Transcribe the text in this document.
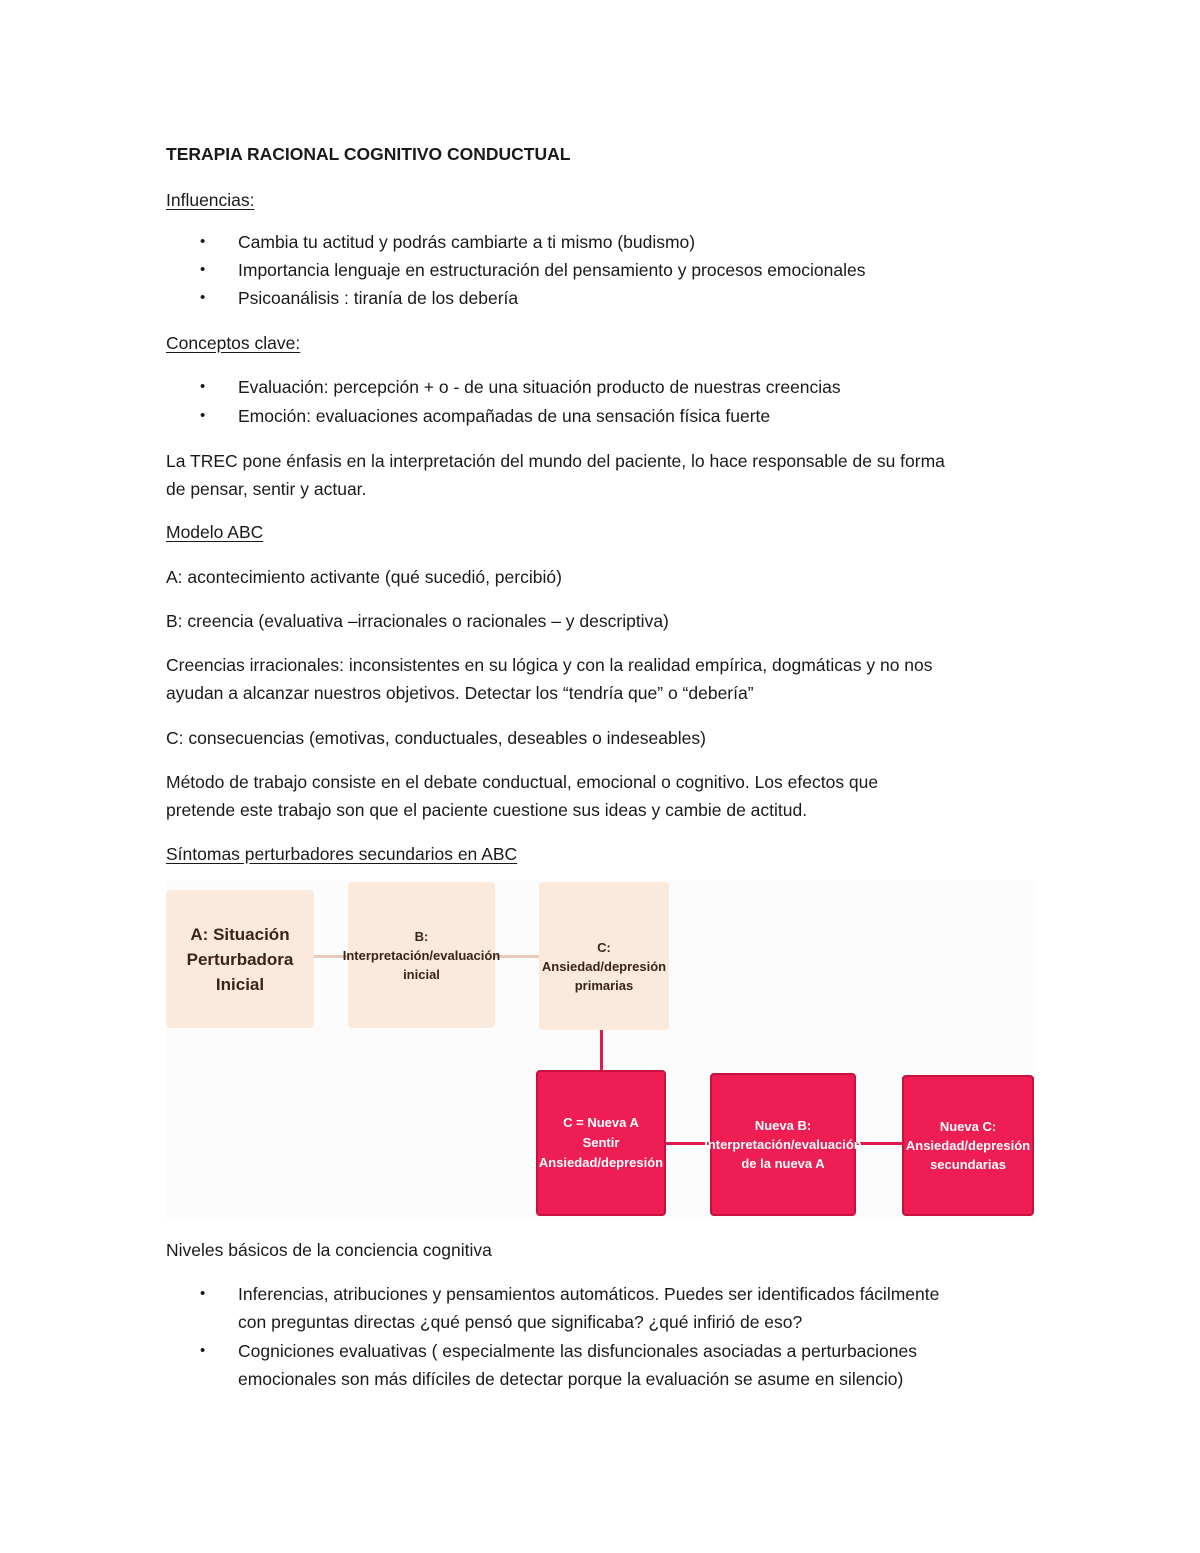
TERAPIA RACIONAL COGNITIVO CONDUCTUAL
Influencias:
• Cambia tu actitud y podrás cambiarte a ti mismo (budismo)
• Importancia lenguaje en estructuración del pensamiento y procesos emocionales
• Psicoanálisis : tiranía de los debería
Conceptos clave:
• Evaluación: percepción + o - de una situación producto de nuestras creencias
• Emoción: evaluaciones acompañadas de una sensación física fuerte
La TREC pone énfasis en la interpretación del mundo del paciente, lo hace responsable de su forma
de pensar, sentir y actuar.
Modelo ABC
A: acontecimiento activante (qué sucedió, percibió)
B: creencia (evaluativa –irracionales o racionales – y descriptiva)
Creencias irracionales: inconsistentes en su lógica y con la realidad empírica, dogmáticas y no nos
ayudan a alcanzar nuestros objetivos. Detectar los “tendría que” o “debería”
C: consecuencias (emotivas, conductuales, deseables o indeseables)
Método de trabajo consiste en el debate conductual, emocional o cognitivo. Los efectos que
pretende este trabajo son que el paciente cuestione sus ideas y cambie de actitud.
Síntomas perturbadores secundarios en ABC
A: Situación
Perturbadora Inicial
B:
Interpretación/evaluación
inicial
C: Ansiedad/depresión
primarias
C = Nueva A Sentir
Ansiedad/depresión
Nueva B:
Interpretación/evaluación
de la nueva A
Nueva C:
Ansiedad/depresión
secundarias
Niveles básicos de la conciencia cognitiva
• Inferencias, atribuciones y pensamientos automáticos. Puedes ser identificados fácilmente
con preguntas directas ¿qué pensó que significaba? ¿qué infirió de eso?
• Cogniciones evaluativas ( especialmente las disfuncionales asociadas a perturbaciones
emocionales son más difíciles de detectar porque la evaluación se asume en silencio)
